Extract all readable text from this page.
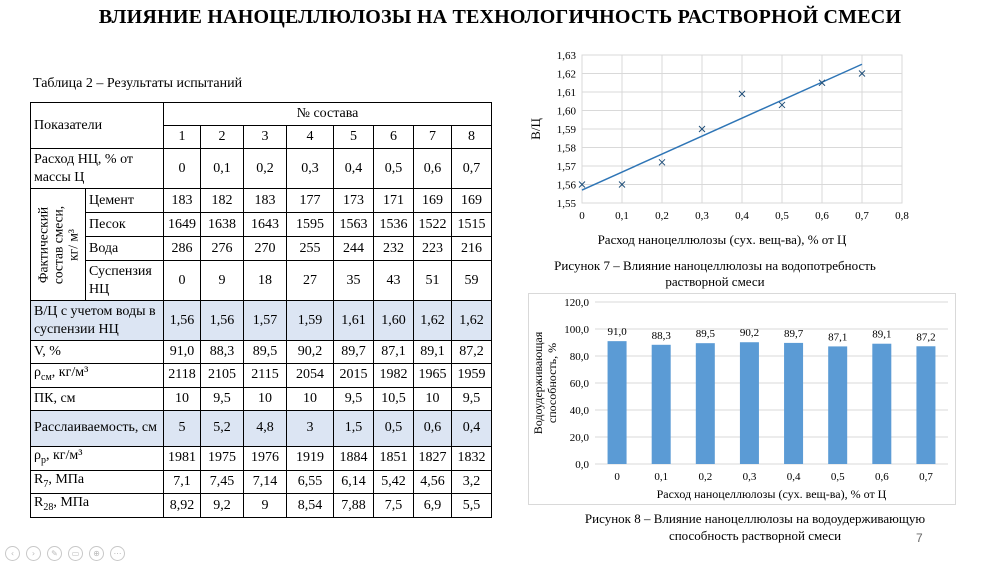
ВЛИЯНИЕ НАНОЦЕЛЛЮЛОЗЫ НА ТЕХНОЛОГИЧНОСТЬ РАСТВОРНОЙ СМЕСИ
Таблица 2 – Результаты испытаний
Показатели		№ состава							
		1	2	3	4	5	6	7	8
Расход НЦ, % от массы Ц		0	0,1	0,2	0,3	0,4	0,5	0,6	0,7

Фактический состав смеси, кг/ м³	Цемент	183	182	183	177	173	171	169	169
	Песок	1649	1638	1643	1595	1563	1536	1522	1515
	Вода	286	276	270	255	244	232	223	216
	Суспензия НЦ	0	9	18	27	35	43	51	59
В/Ц с учетом воды в суспензии НЦ		1,56	1,56	1,57	1,59	1,61	1,60	1,62	1,62
V, %		91,0	88,3	89,5	90,2	89,7	87,1	89,1	87,2
$\rho_{см}$, кг/м³		2118	2105	2115	2054	2015	1982	1965	1959
ПК, см		10	9,5	10	10	9,5	10,5	10	9,5
Расслаиваемость, см		5	5,2	4,8	3	1,5	0,5	0,6	0,4
$\rho_р$, кг/м³		1981	1975	1976	1919	1884	1851	1827	1832
$R_7$, МПа		7,1	7,45	7,14	6,55	6,14	5,42	4,56	3,2
$R_{28}$, МПа		8,92	9,2	9	8,54	7,88	7,5	6,9	5,5
0	0,1 0,2 0,3 0,4 0,5 0,6 0,7 0,8
1,55
1,56
1,57
1,58
1,59
1,60
1,61
1,62
1,63
Расход наноцеллюлозы (сух. вещ-ва), % от Ц
В/Ц
Рисунок 7 – Влияние наноцеллюлозы на водопотребность
растворной смеси
0,0
20,0
40,0
60,0
80,0
100,0
120,0
91,0
0
88,3
0,1
89,5
0,2
90,2
0,3
89,7
0,4
87,1
0,5
89,1
0,6
87,2
0,7
Расход наноцеллюлозы (сух. вещ-ва), % от Ц
Водоудерживающая способность, %
Рисунок 8 – Влияние наноцеллюлозы на водоудерживающую
способность растворной смеси	7
‹	›	✎	▭	⊕	⋯
